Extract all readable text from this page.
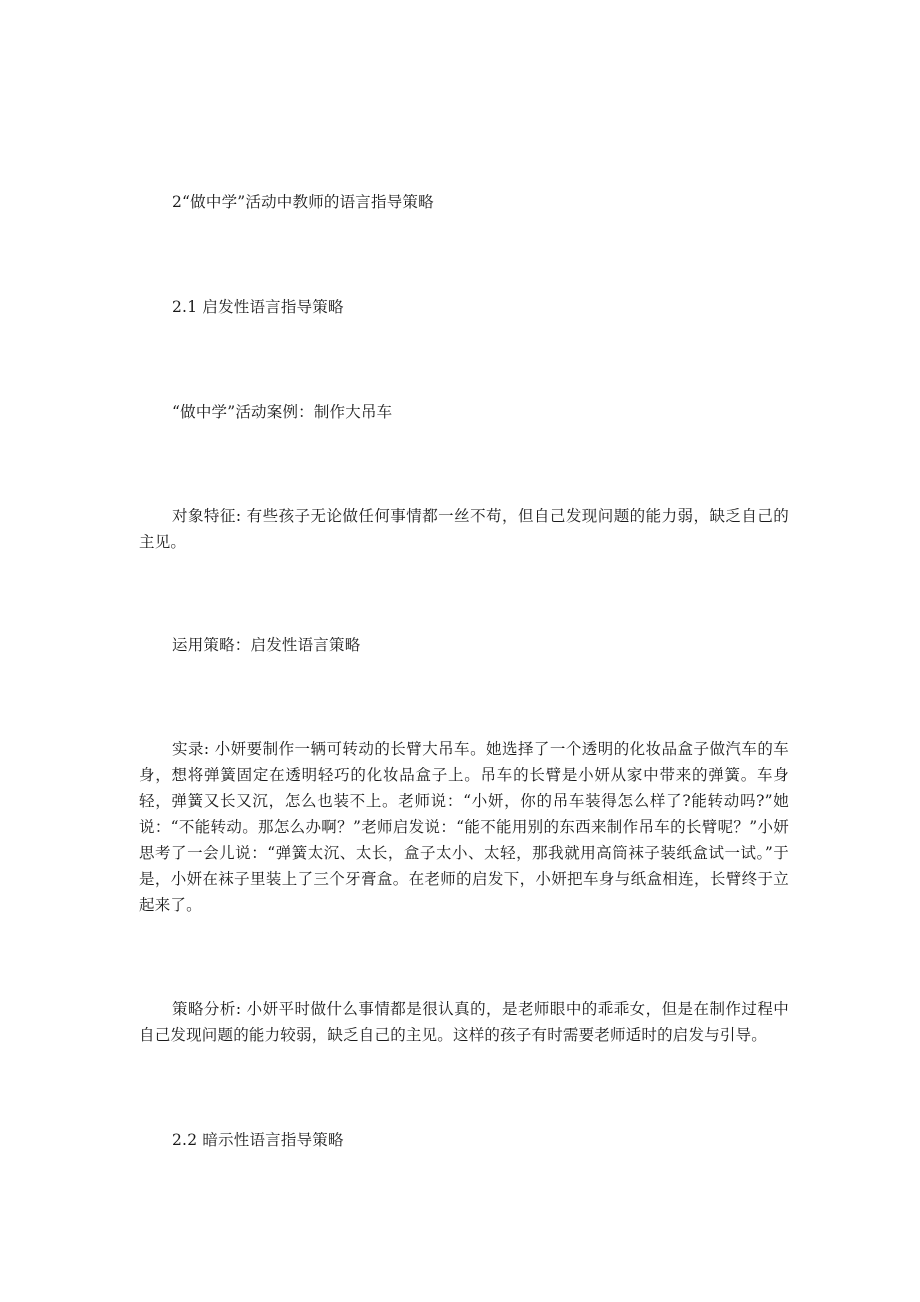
2“做中学”活动中教师的语言指导策略

2.1 启发性语言指导策略

“做中学”活动案例：制作大吊车

对象特征: 有些孩子无论做任何事情都一丝不苟，但自己发现问题的能力弱，缺乏自己的主见。

运用策略：启发性语言策略

实录: 小妍要制作一辆可转动的长臂大吊车。她选择了一个透明的化妆品盒子做汽车的车身，想将弹簧固定在透明轻巧的化妆品盒子上。吊车的长臂是小妍从家中带来的弹簧。车身轻，弹簧又长又沉，怎么也装不上。老师说：“小妍，你的吊车装得怎么样了?能转动吗?”她说：“不能转动。那怎么办啊？”老师启发说：“能不能用别的东西来制作吊车的长臂呢？”小妍思考了一会儿说：“弹簧太沉、太长，盒子太小、太轻，那我就用高筒袜子装纸盒试一试。”于是，小妍在袜子里装上了三个牙膏盒。在老师的启发下，小妍把车身与纸盒相连，长臂终于立起来了。

策略分析: 小妍平时做什么事情都是很认真的，是老师眼中的乖乖女，但是在制作过程中自己发现问题的能力较弱，缺乏自己的主见。这样的孩子有时需要老师适时的启发与引导。

2.2 暗示性语言指导策略
